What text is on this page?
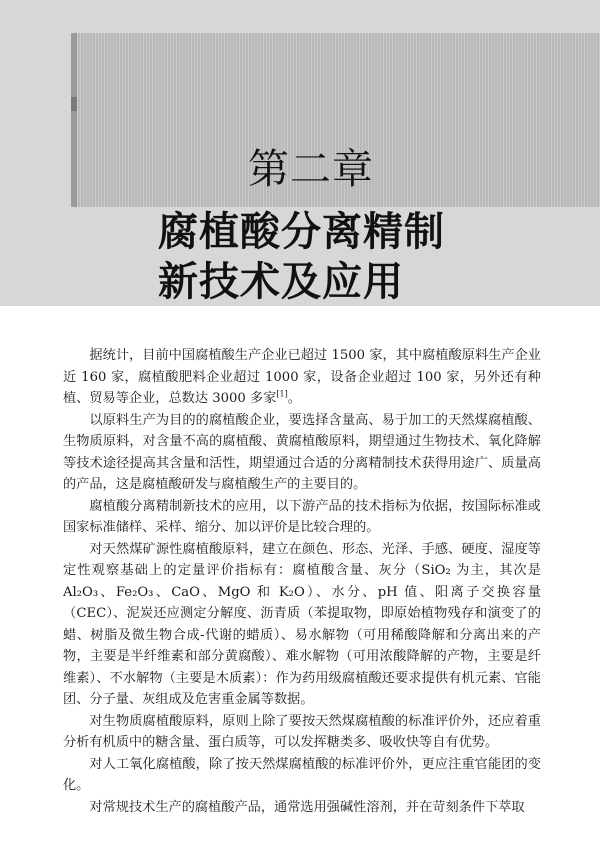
第二章
腐植酸分离精制
新技术及应用

据统计，目前中国腐植酸生产企业已超过 1500 家，其中腐植酸原料生产企业近 160 家，腐植酸肥料企业超过 1000 家，设备企业超过 100 家，另外还有种植、贸易等企业，总数达 3000 多家[1]。

以原料生产为目的的腐植酸企业，要选择含量高、易于加工的天然煤腐植酸、生物质原料，对含量不高的腐植酸、黄腐植酸原料，期望通过生物技术、氧化降解等技术途径提高其含量和活性，期望通过合适的分离精制技术获得用途广、质量高的产品，这是腐植酸研发与腐植酸生产的主要目的。

腐植酸分离精制新技术的应用，以下游产品的技术指标为依据，按国际标准或国家标准储样、采样、缩分、加以评价是比较合理的。

对天然煤矿源性腐植酸原料，建立在颜色、形态、光泽、手感、硬度、湿度等定性观察基础上的定量评价指标有：腐植酸含量、灰分（SiO₂ 为主，其次是 Al₂O₃、Fe₂O₃、CaO、MgO 和 K₂O）、水分、pH 值、阳离子交换容量（CEC）、泥炭还应测定分解度、沥青质（苯提取物，即原始植物残存和演变了的蜡、树脂及微生物合成-代谢的蜡质）、易水解物（可用稀酸降解和分离出来的产物，主要是半纤维素和部分黄腐酸）、难水解物（可用浓酸降解的产物，主要是纤维素）、不水解物（主要是木质素）：作为药用级腐植酸还要求提供有机元素、官能团、分子量、灰组成及危害重金属等数据。

对生物质腐植酸原料，原则上除了要按天然煤腐植酸的标准评价外，还应着重分析有机质中的糖含量、蛋白质等，可以发挥糖类多、吸收快等自有优势。

对人工氧化腐植酸，除了按天然煤腐植酸的标准评价外，更应注重官能团的变化。

对常规技术生产的腐植酸产品，通常选用强碱性溶剂，并在苛刻条件下萃取
